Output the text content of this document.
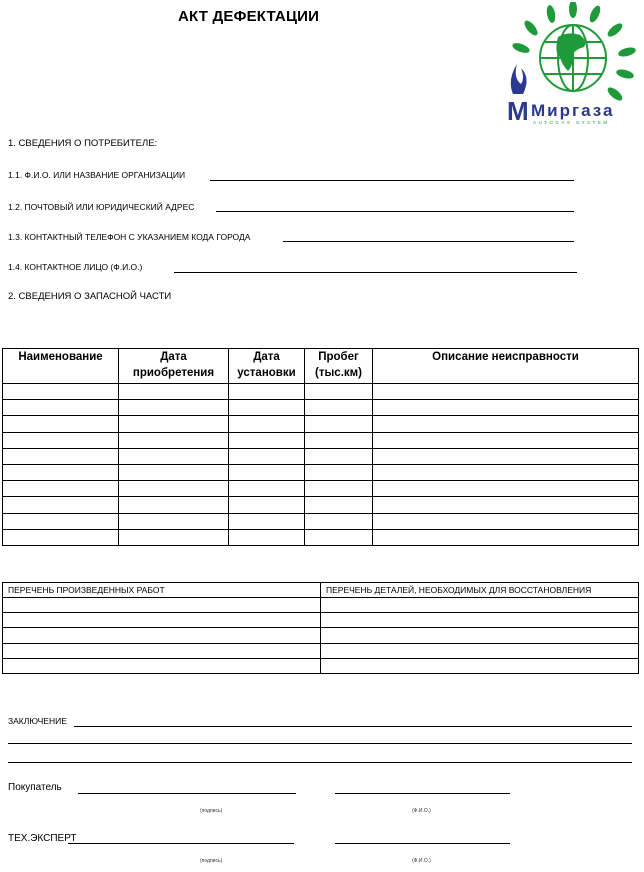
АКТ ДЕФЕКТАЦИИ
М Миргаза
AUTOGAS SYSTEM
1. СВЕДЕНИЯ О ПОТРЕБИТЕЛЕ:
1.1. Ф.И.О. ИЛИ НАЗВАНИЕ ОРГАНИЗАЦИИ
1.2. ПОЧТОВЫЙ ИЛИ ЮРИДИЧЕСКИЙ АДРЕС
1.3. КОНТАКТНЫЙ ТЕЛЕФОН С УКАЗАНИЕМ КОДА ГОРОДА
1.4. КОНТАКТНОЕ ЛИЦО (Ф.И.О.)
2. СВЕДЕНИЯ О ЗАПАСНОЙ ЧАСТИ
Наименование	Дата приобретения	Дата установки	Пробег (тыс.км)	Описание неисправности

ПЕРЕЧЕНЬ ПРОИЗВЕДЕННЫХ РАБОТ	ПЕРЕЧЕНЬ ДЕТАЛЕЙ, НЕОБХОДИМЫХ ДЛЯ ВОССТАНОВЛЕНИЯ

ЗАКЛЮЧЕНИЕ
Покупатель
(подпись)	(Ф.И.О.)
ТЕХ.ЭКСПЕРТ
(подпись)	(Ф.И.О.)
